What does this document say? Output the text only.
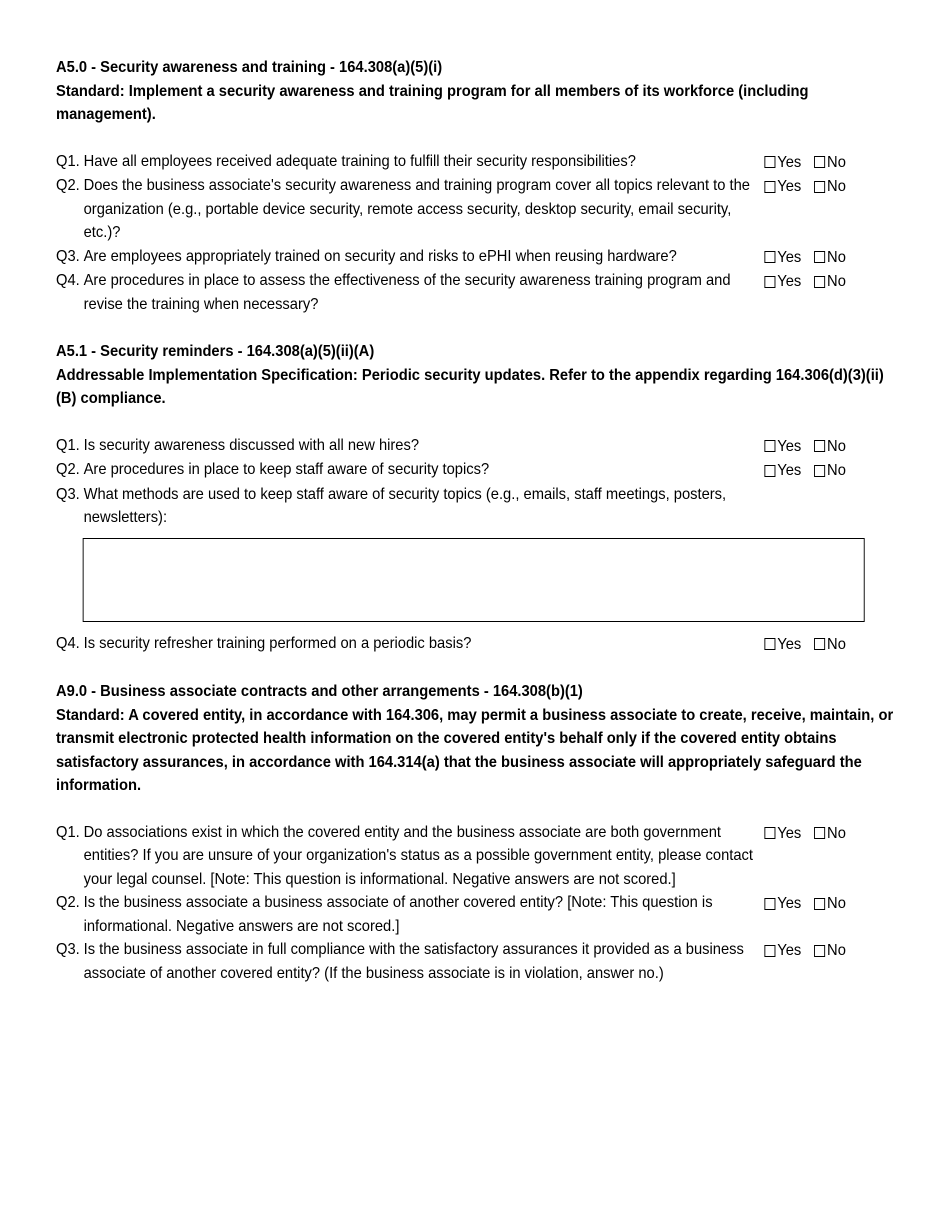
A5.0 - Security awareness and training - 164.308(a)(5)(i)
Standard: Implement a security awareness and training program for all members of its workforce (including management).
Q1. Have all employees received adequate training to fulfill their security responsibilities?	Yes No
Q2. Does the business associate's security awareness and training program cover all topics relevant to the organization (e.g., portable device security, remote access security, desktop security, email security, etc.)?
Yes No
Q3. Are employees appropriately trained on security and risks to ePHI when reusing hardware?	Yes No
Q4. Are procedures in place to assess the effectiveness of the security awareness training program and revise the training when necessary?
Yes No
A5.1 - Security reminders - 164.308(a)(5)(ii)(A)
Addressable Implementation Specification: Periodic security updates. Refer to the appendix regarding 164.306(d)(3)(ii)(B) compliance.
Q1. Is security awareness discussed with all new hires?	Yes No
Q2. Are procedures in place to keep staff aware of security topics?	Yes No
Q3. What methods are used to keep staff aware of security topics (e.g., emails, staff meetings, posters, newsletters):
Q4. Is security refresher training performed on a periodic basis?	Yes No
A9.0 - Business associate contracts and other arrangements - 164.308(b)(1)
Standard: A covered entity, in accordance with 164.306, may permit a business associate to create, receive, maintain, or transmit electronic protected health information on the covered entity's behalf only if the covered entity obtains satisfactory assurances, in accordance with 164.314(a) that the business associate will appropriately safeguard the information.
Q1. Do associations exist in which the covered entity and the business associate are both government entities? If you are unsure of your organization's status as a possible government entity, please contact your legal counsel. [Note: This question is informational. Negative answers are not scored.]
Yes No
Q2. Is the business associate a business associate of another covered entity? [Note: This question is informational. Negative answers are not scored.]
Yes No
Q3. Is the business associate in full compliance with the satisfactory assurances it provided as a business associate of another covered entity? (If the business associate is in violation, answer no.)
Yes No
